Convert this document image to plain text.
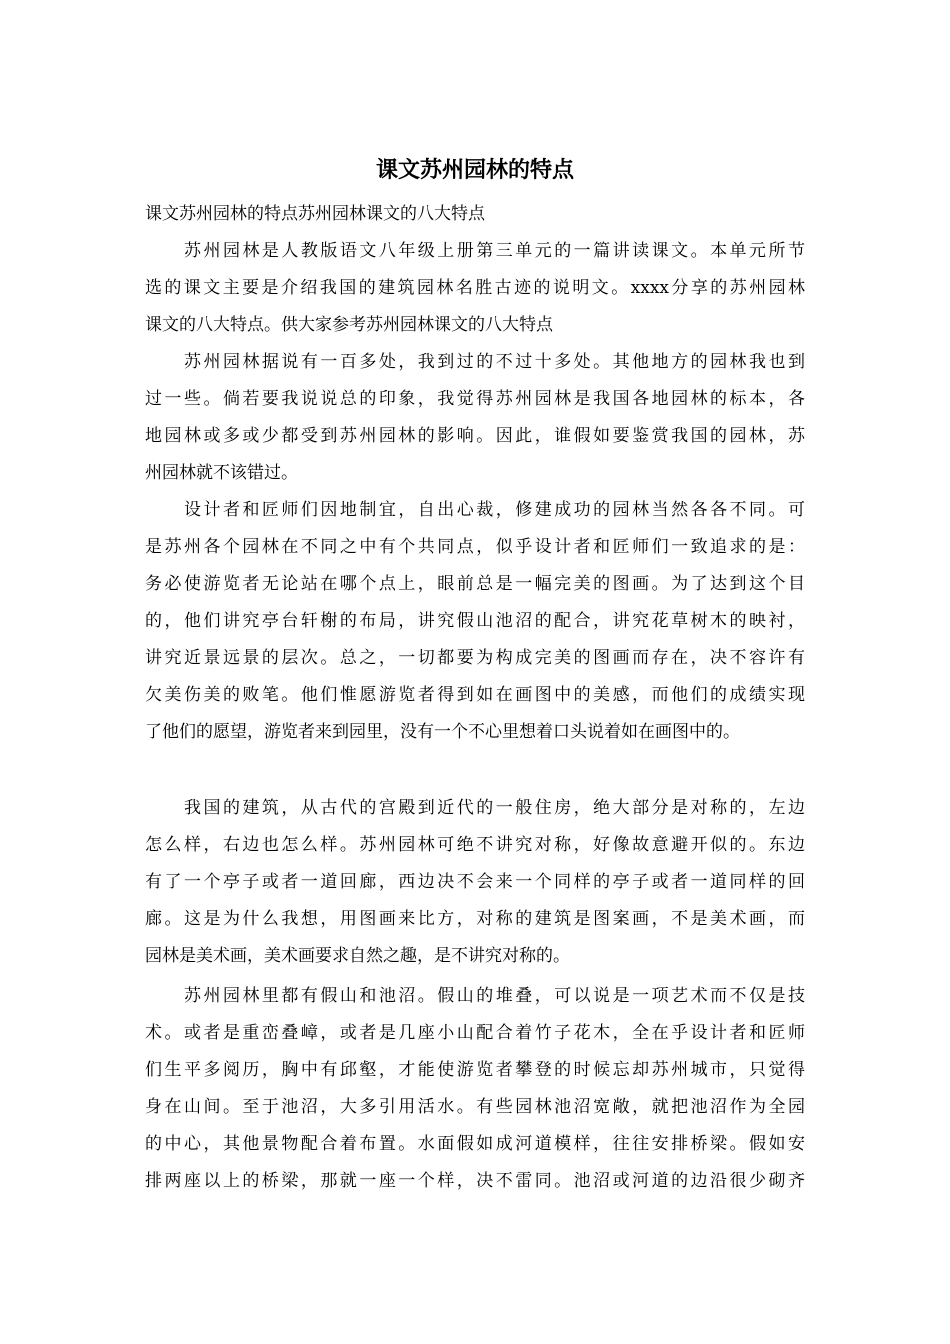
课文苏州园林的特点

课文苏州园林的特点苏州园林课文的八大特点

苏州园林是人教版语文八年级上册第三单元的一篇讲读课文。本单元所节
选的课文主要是介绍我国的建筑园林名胜古迹的说明文。xxxx分享的苏州园林
课文的八大特点。供大家参考苏州园林课文的八大特点
苏州园林据说有一百多处，我到过的不过十多处。其他地方的园林我也到
过一些。倘若要我说说总的印象，我觉得苏州园林是我国各地园林的标本，各
地园林或多或少都受到苏州园林的影响。因此，谁假如要鉴赏我国的园林，苏
州园林就不该错过。
设计者和匠师们因地制宜，自出心裁，修建成功的园林当然各各不同。可
是苏州各个园林在不同之中有个共同点，似乎设计者和匠师们一致追求的是：
务必使游览者无论站在哪个点上，眼前总是一幅完美的图画。为了达到这个目
的，他们讲究亭台轩榭的布局，讲究假山池沼的配合，讲究花草树木的映衬，
讲究近景远景的层次。总之，一切都要为构成完美的图画而存在，决不容许有
欠美伤美的败笔。他们惟愿游览者得到如在画图中的美感，而他们的成绩实现
了他们的愿望，游览者来到园里，没有一个不心里想着口头说着如在画图中的。
我国的建筑，从古代的宫殿到近代的一般住房，绝大部分是对称的，左边
怎么样，右边也怎么样。苏州园林可绝不讲究对称，好像故意避开似的。东边
有了一个亭子或者一道回廊，西边决不会来一个同样的亭子或者一道同样的回
廊。这是为什么我想，用图画来比方，对称的建筑是图案画，不是美术画，而
园林是美术画，美术画要求自然之趣，是不讲究对称的。
苏州园林里都有假山和池沼。假山的堆叠，可以说是一项艺术而不仅是技
术。或者是重峦叠嶂，或者是几座小山配合着竹子花木，全在乎设计者和匠师
们生平多阅历，胸中有邱壑，才能使游览者攀登的时候忘却苏州城市，只觉得
身在山间。至于池沼，大多引用活水。有些园林池沼宽敞，就把池沼作为全园
的中心，其他景物配合着布置。水面假如成河道模样，往往安排桥梁。假如安
排两座以上的桥梁，那就一座一个样，决不雷同。池沼或河道的边沿很少砌齐
